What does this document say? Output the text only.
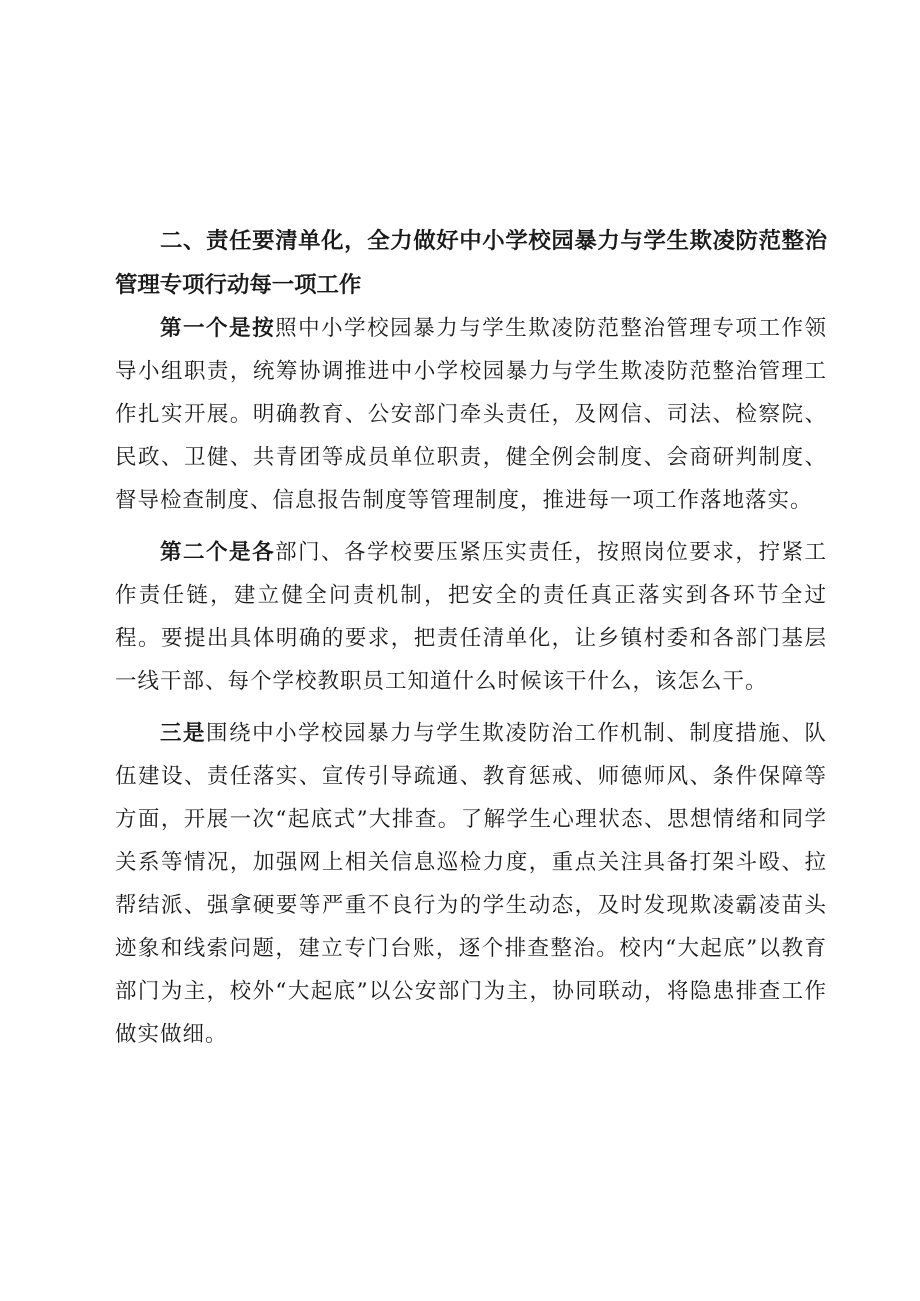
二、责任要清单化，全力做好中小学校园暴力与学生欺凌防范整治管理专项行动每一项工作

第一个是按照中小学校园暴力与学生欺凌防范整治管理专项工作领导小组职责，统筹协调推进中小学校园暴力与学生欺凌防范整治管理工作扎实开展。明确教育、公安部门牵头责任，及网信、司法、检察院、民政、卫健、共青团等成员单位职责，健全例会制度、会商研判制度、督导检查制度、信息报告制度等管理制度，推进每一项工作落地落实。

第二个是各部门、各学校要压紧压实责任，按照岗位要求，拧紧工作责任链，建立健全问责机制，把安全的责任真正落实到各环节全过程。要提出具体明确的要求，把责任清单化，让乡镇村委和各部门基层一线干部、每个学校教职员工知道什么时候该干什么，该怎么干。

三是围绕中小学校园暴力与学生欺凌防治工作机制、制度措施、队伍建设、责任落实、宣传引导疏通、教育惩戒、师德师风、条件保障等方面，开展一次“起底式”大排查。了解学生心理状态、思想情绪和同学关系等情况，加强网上相关信息巡检力度，重点关注具备打架斗殴、拉帮结派、强拿硬要等严重不良行为的学生动态，及时发现欺凌霸凌苗头迹象和线索问题，建立专门台账，逐个排查整治。校内“大起底”以教育部门为主，校外“大起底”以公安部门为主，协同联动，将隐患排查工作做实做细。
